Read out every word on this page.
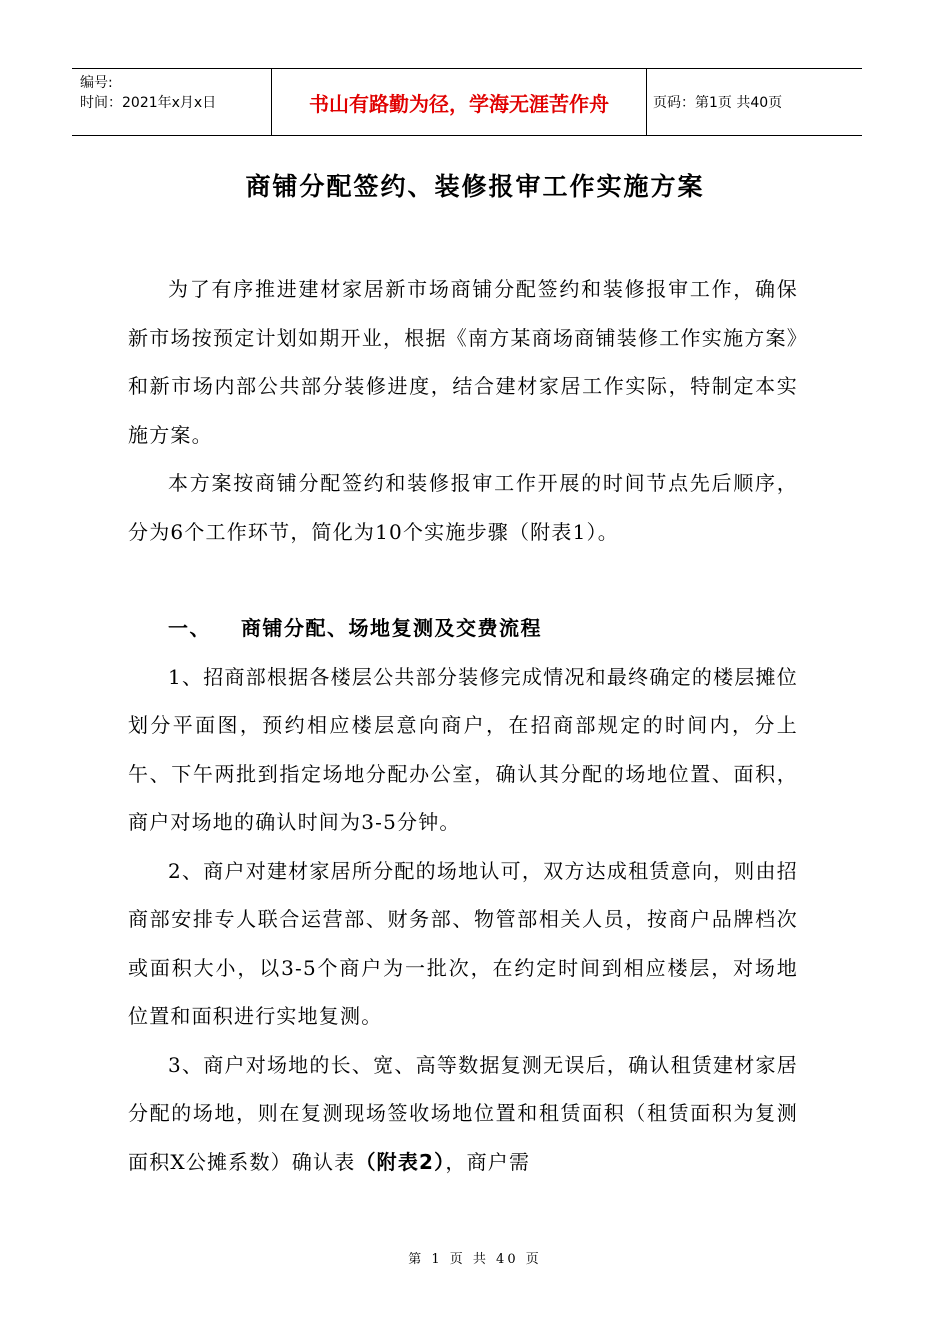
编号:
时间：2021年x月x日	书山有路勤为径，学海无涯苦作舟	页码：第1页 共40页
商铺分配签约、装修报审工作实施方案

为了有序推进建材家居新市场商铺分配签约和装修报审工作，确保新市场按预定计划如期开业，根据《南方某商场商铺装修工作实施方案》和新市场内部公共部分装修进度，结合建材家居工作实际，特制定本实施方案。

本方案按商铺分配签约和装修报审工作开展的时间节点先后顺序，分为6个工作环节，简化为10个实施步骤（附表1）。

一、 商铺分配、场地复测及交费流程

1、招商部根据各楼层公共部分装修完成情况和最终确定的楼层摊位划分平面图，预约相应楼层意向商户，在招商部规定的时间内，分上午、下午两批到指定场地分配办公室，确认其分配的场地位置、面积，商户对场地的确认时间为3-5分钟。

2、商户对建材家居所分配的场地认可，双方达成租赁意向，则由招商部安排专人联合运营部、财务部、物管部相关人员，按商户品牌档次或面积大小，以3-5个商户为一批次，在约定时间到相应楼层，对场地位置和面积进行实地复测。

3、商户对场地的长、宽、高等数据复测无误后，确认租赁建材家居分配的场地，则在复测现场签收场地位置和租赁面积（租赁面积为复测面积X公摊系数）确认表（附表2），商户需

第 1 页 共 40 页
